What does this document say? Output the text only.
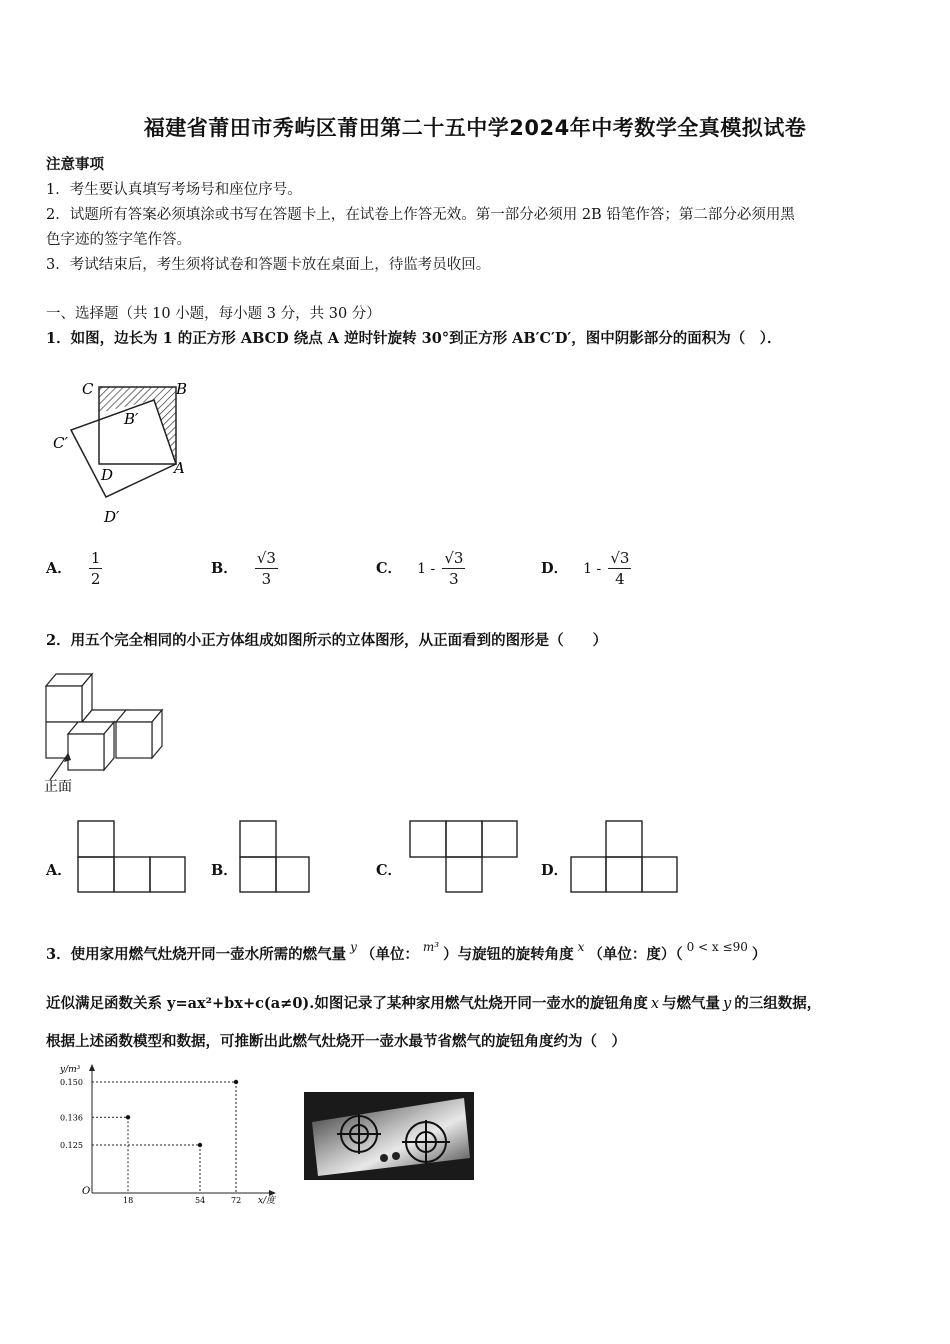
福建省莆田市秀屿区莆田第二十五中学2024年中考数学全真模拟试卷
注意事项
1．考生要认真填写考场号和座位序号。
2．试题所有答案必须填涂或书写在答题卡上，在试卷上作答无效。第一部分必须用 2B 铅笔作答；第二部分必须用黑
色字迹的签字笔作答。
3．考试结束后，考生须将试卷和答题卡放在桌面上，待监考员收回。
一、选择题（共 10 小题，每小题 3 分，共 30 分）
1．如图，边长为 1 的正方形 ABCD 绕点 A 逆时针旋转 30°到正方形 AB′C′D′，图中阴影部分的面积为（　）．
C	B
B′
C′
D	A
D′
A． $\frac{1}{2}$	B． $\frac{√3}{3}$	C． $1 - \frac{√3}{3}$	D． $1 - \frac{√3}{4}$
2．用五个完全相同的小正方体组成如图所示的立体图形，从正面看到的图形是（　　）
正面
A．	B．	C．	D．
3．使用家用燃气灶烧开同一壶水所需的燃气量 $^y$ （单位： $^{m^3}$ ）与旋钮的旋转角度 $^x$ （单位：度）（ $^{0 < x \le 90}$ ）
近似满足函数关系 y=ax²+bx+c(a≠0).如图记录了某种家用燃气灶烧开同一壶水的旋钮角度 x 与燃气量 y 的三组数据，
根据上述函数模型和数据，可推断出此燃气灶烧开一壶水最节省燃气的旋钮角度约为（　）
y/m³
x/度
O
18	54	72
0.150
0.136
0.125
